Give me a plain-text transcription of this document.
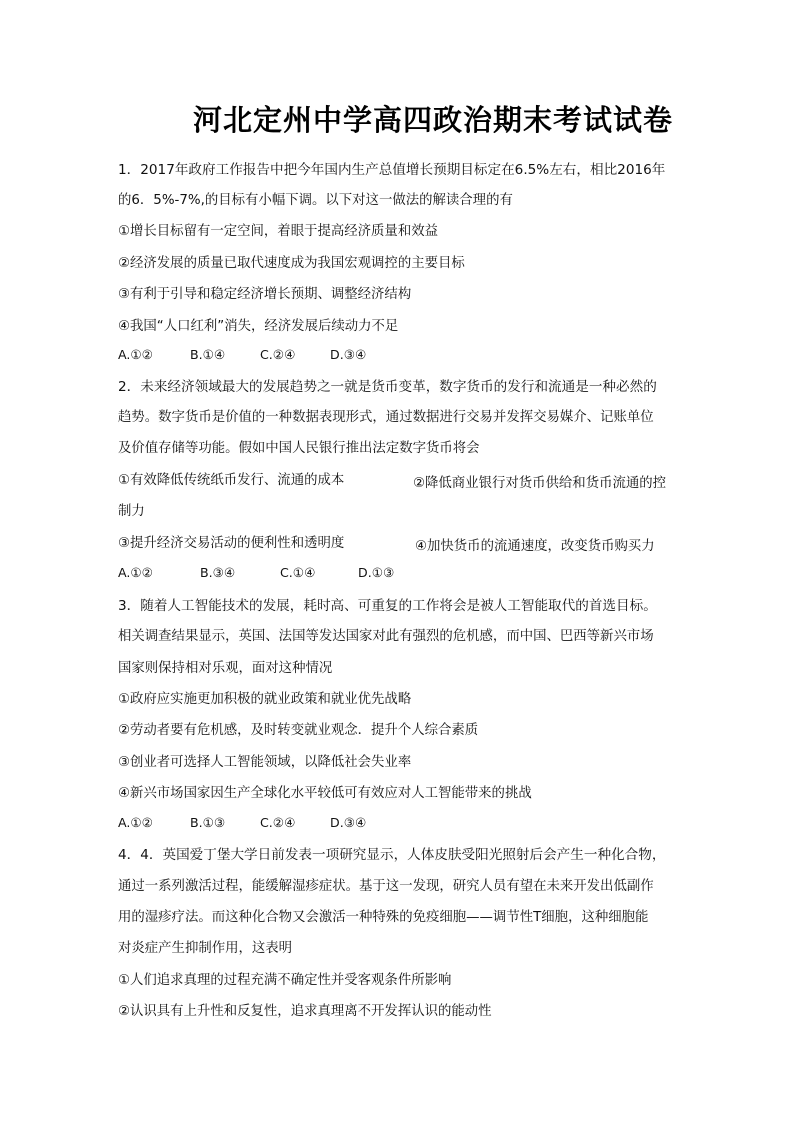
河北定州中学高四政治期末考试试卷
1．2017年政府工作报告中把今年国内生产总值增长预期目标定在6.5%左右，相比2016年
的6．5%-7%,的目标有小幅下调。以下对这一做法的解读合理的有
①增长目标留有一定空间，着眼于提高经济质量和效益
②经济发展的质量已取代速度成为我国宏观调控的主要目标
③有利于引导和稳定经济增长预期、调整经济结构
④我国“人口红利”消失，经济发展后续动力不足
A.①②	B.①④	C.②④	D.③④
2．未来经济领域最大的发展趋势之一就是货币变革，数字货币的发行和流通是一种必然的
趋势。数字货币是价值的一种数据表现形式，通过数据进行交易并发挥交易媒介、记账单位
及价值存储等功能。假如中国人民银行推出法定数字货币将会
①有效降低传统纸币发行、流通的成本	②降低商业银行对货币供给和货币流通的控
制力
③提升经济交易活动的便利性和透明度	④加快货币的流通速度，改变货币购买力
A.①②	B.③④	C.①④	D.①③
3．随着人工智能技术的发展，耗时高、可重复的工作将会是被人工智能取代的首选目标。
相关调查结果显示，英国、法国等发达国家对此有强烈的危机感，而中国、巴西等新兴市场
国家则保持相对乐观，面对这种情况
①政府应实施更加积极的就业政策和就业优先战略
②劳动者要有危机感，及时转变就业观念．提升个人综合素质
③创业者可选择人工智能领域，以降低社会失业率
④新兴市场国家因生产全球化水平较低可有效应对人工智能带来的挑战
A.①②	B.①③	C.②④	D.③④
4．4．英国爱丁堡大学日前发表一项研究显示，人体皮肤受阳光照射后会产生一种化合物，
通过一系列激活过程，能缓解湿疹症状。基于这一发现，研究人员有望在未来开发出低副作
用的湿疹疗法。而这种化合物又会激活一种特殊的免疫细胞——调节性T细胞，这种细胞能
对炎症产生抑制作用，这表明
①人们追求真理的过程充满不确定性并受客观条件所影响
②认识具有上升性和反复性，追求真理离不开发挥认识的能动性
